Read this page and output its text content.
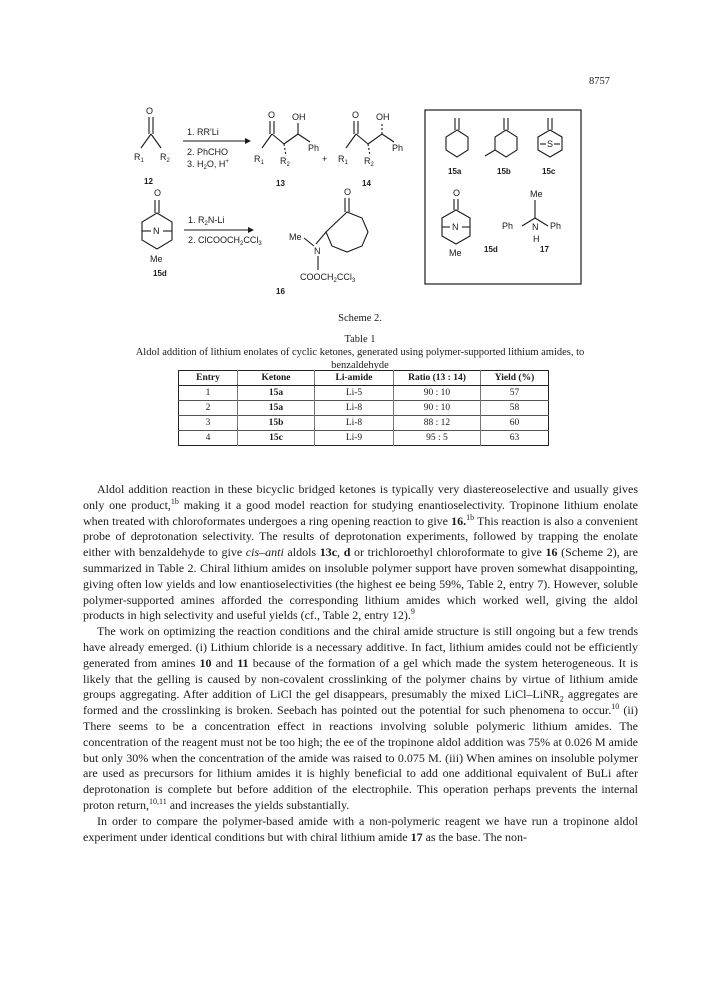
8757
O
$R_1$ $R_2$
12
1. RR'Li
2. PhCHO
3. $H_2O$, H+
O OH
Ph
$R_1$ $R_2$
13
+
O OH
Ph
$R_1$ $R_2$
14
15a	15b
S
15c
O
N
Me	15d
Me
Ph N
H
Ph
17
O
N
Me
15d
1. $R_2N-Li$
2. ClCOOCH$_2$CCl$_3$
O
Me
N
$COOCH_2CCl_3$
16
Scheme 2.
Table 1
Aldol addition of lithium enolates of cyclic ketones, generated using polymer-supported lithium amides, to benzaldehyde
Entry	Ketone	Li-amide	Ratio (13 : 14)	Yield (%)
1	15a	Li-5	90 : 10	57
2	15a	Li-8	90 : 10	58
3	15b	Li-8	88 : 12	60
4	15c	Li-9	95 : 5	63

Aldol addition reaction in these bicyclic bridged ketones is typically very diastereoselective and usually gives only one product,$^{1b}$ making it a good model reaction for studying enantioselectivity. Tropinone lithium enolate when treated with chloroformates undergoes a ring opening reaction to give 16.$^{1b}$ This reaction is also a convenient probe of deprotonation selectivity. The results of deprotonation experiments, followed by trapping the enolate either with benzaldehyde to give cis–anti aldols 13c, d or trichloroethyl chloroformate to give 16 (Scheme 2), are summarized in Table 2. Chiral lithium amides on insoluble polymer support have proven somewhat disappointing, giving often low yields and low enantioselectivities (the highest ee being 59%, Table 2, entry 7). However, soluble polymer-supported amines afforded the corresponding lithium amides which worked well, giving the aldol products in high selectivity and useful yields (cf., Table 2, entry 12).$^9$

The work on optimizing the reaction conditions and the chiral amide structure is still ongoing but a few trends have already emerged. (i) Lithium chloride is a necessary additive. In fact, lithium amides could not be efficiently generated from amines 10 and 11 because of the formation of a gel which made the system heterogeneous. It is likely that the gelling is caused by non-covalent crosslinking of the polymer chains by virtue of lithium amide groups aggregating. After addition of LiCl the gel disappears, presumably the mixed LiCl–LiNR$_2$ aggregates are formed and the crosslinking is broken. Seebach has pointed out the potential for such phenomena to occur.$^{10}$ (ii) There seems to be a concentration effect in reactions involving soluble polymeric lithium amides. The concentration of the reagent must not be too high; the ee of the tropinone aldol addition was 75% at 0.026 M amide but only 30% when the concentration of the amide was raised to 0.075 M. (iii) When amines on insoluble polymer are used as precursors for lithium amides it is highly beneficial to add one additional equivalent of BuLi after deprotonation is complete but before addition of the electrophile. This operation perhaps prevents the internal proton return,$^{10,11}$ and increases the yields substantially.

In order to compare the polymer-based amide with a non-polymeric reagent we have run a tropinone aldol experiment under identical conditions but with chiral lithium amide 17 as the base. The non-
